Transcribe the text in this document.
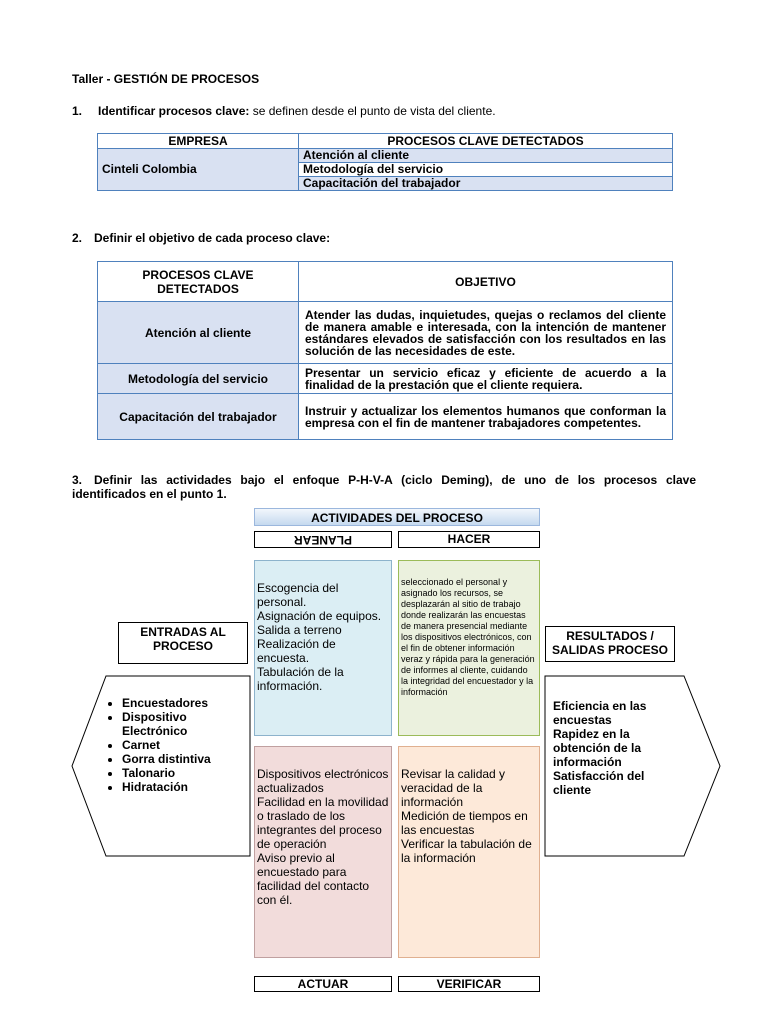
Taller - GESTIÓN DE PROCESOS
1. Identificar procesos clave: se definen desde el punto de vista del cliente.
EMPRESA	PROCESOS CLAVE DETECTADOS
Cinteli Colombia	Atención al cliente
	Metodología del servicio
	Capacitación del trabajador
2. Definir el objetivo de cada proceso clave:
PROCESOS CLAVE DETECTADOS	OBJETIVO
Atención al cliente	Atender las dudas, inquietudes, quejas o reclamos del cliente de manera amable e interesada, con la intención de mantener estándares elevados de satisfacción con los resultados en las solución de las necesidades de este.
Metodología del servicio	Presentar un servicio eficaz y eficiente de acuerdo a la finalidad de la prestación que el cliente requiera.
Capacitación del trabajador	Instruir y actualizar los elementos humanos que conforman la empresa con el fin de mantener trabajadores competentes.
3. Definir las actividades bajo el enfoque P-H-V-A (ciclo Deming), de uno de los procesos clave identificados en el punto 1.
ACTIVIDADES DEL PROCESO
PLANEAR	HACER
Escogencia del personal.
Asignación de equipos.
Salida a terreno
Realización de encuesta.
Tabulación de la información.
seleccionado el personal y asignado los recursos, se desplazarán al sitio de trabajo donde realizarán las encuestas de manera presencial mediante los dispositivos electrónicos, con el fin de obtener información veraz y rápida para la generación de informes al cliente, cuidando la integridad del encuestador y la información
Dispositivos electrónicos actualizados
Facilidad en la movilidad o traslado de los integrantes del proceso de operación
Aviso previo al encuestado para facilidad del contacto con él.
Revisar la calidad y veracidad de la información
Medición de tiempos en las encuestas
Verificar la tabulación de la información
ACTUAR	VERIFICAR
ENTRADAS AL PROCESO
RESULTADOS / SALIDAS PROCESO
• Encuestadores
• Dispositivo Electrónico
• Carnet
• Gorra distintiva
• Talonario
• Hidratación
Eficiencia en las encuestas
Rapidez en la obtención de la información
Satisfacción del cliente
